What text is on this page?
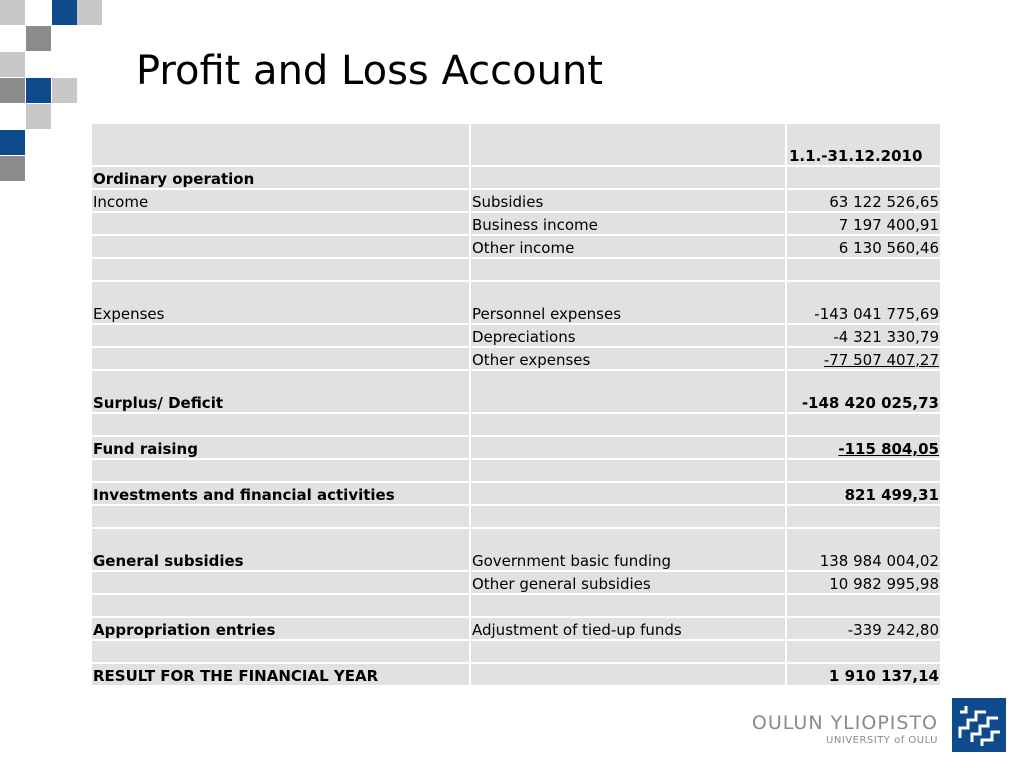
Profit and Loss Account
		1.1.-31.12.2010
Ordinary operation		
Income	Subsidies	63 122 526,65
	Business income	7 197 400,91
	Other income	6 130 560,46

Expenses	Personnel expenses	-143 041 775,69
	Depreciations	-4 321 330,79
	Other expenses	-77 507 407,27
Surplus/ Deficit		-148 420 025,73

Fund raising		-115 804,05

Investments and financial activities		821 499,31

General subsidies	Government basic funding	138 984 004,02
	Other general subsidies	10 982 995,98

Appropriation entries	Adjustment of tied-up funds	-339 242,80

RESULT FOR THE FINANCIAL YEAR		1 910 137,14
OULUN YLIOPISTO
UNIVERSITY of OULU
